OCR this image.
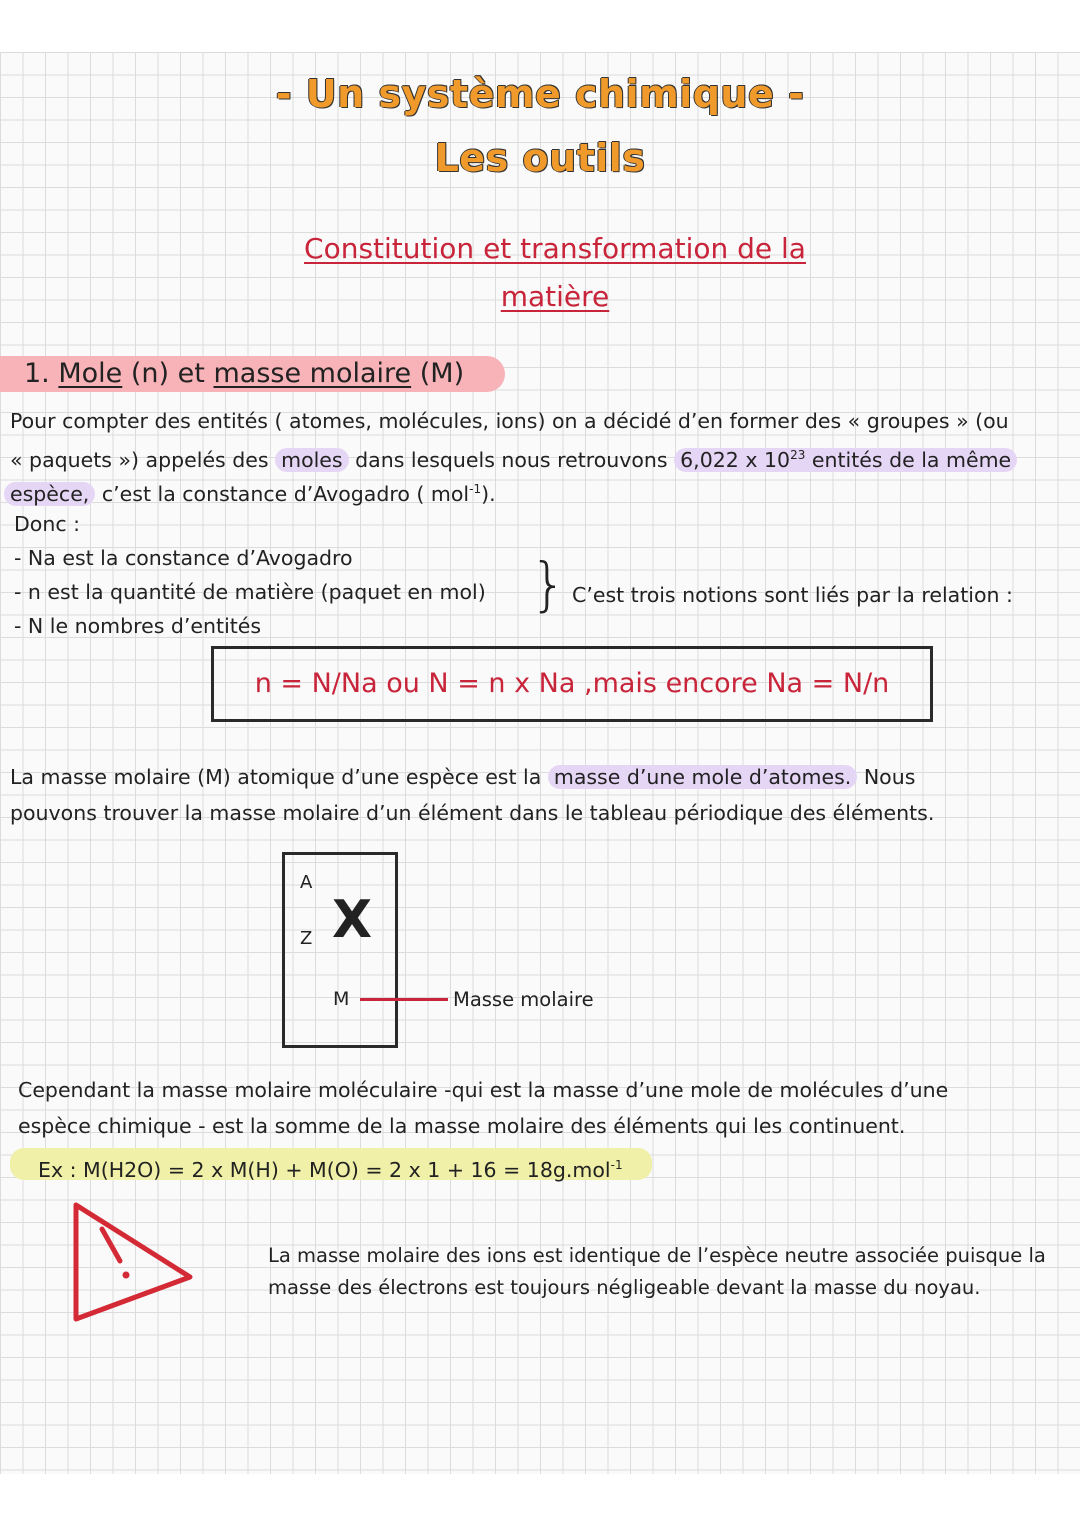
- Un système chimique -
Les outils
Constitution et transformation de la
matière
1. Mole (n) et masse molaire (M)
Pour compter des entités ( atomes, molécules, ions) on a décidé d’en former des « groupes » (ou
« paquets ») appelés des moles dans lesquels nous retrouvons 6,022 x $10^{23}$ entités de la même
espèce, c’est la constance d’Avogadro ( mol$^{-1}$).
Donc :
- Na est la constance d’Avogadro
- n est la quantité de matière (paquet en mol)
- N le nombres d’entités
} C’est trois notions sont liés par la relation :
n = N/Na ou N = n x Na ,mais encore Na = N/n
La masse molaire (M) atomique d’une espèce est la masse d’une mole d’atomes. Nous
pouvons trouver la masse molaire d’un élément dans le tableau périodique des éléments.
A
Z X
M	Masse molaire
Cependant la masse molaire moléculaire -qui est la masse d’une mole de molécules d’une
espèce chimique - est la somme de la masse molaire des éléments qui les continuent.
Ex : M(H2O) = 2 x M(H) + M(O) = 2 x 1 + 16 = 18g.mol$^{-1}$
La masse molaire des ions est identique de l’espèce neutre associée puisque la
masse des électrons est toujours négligeable devant la masse du noyau.
